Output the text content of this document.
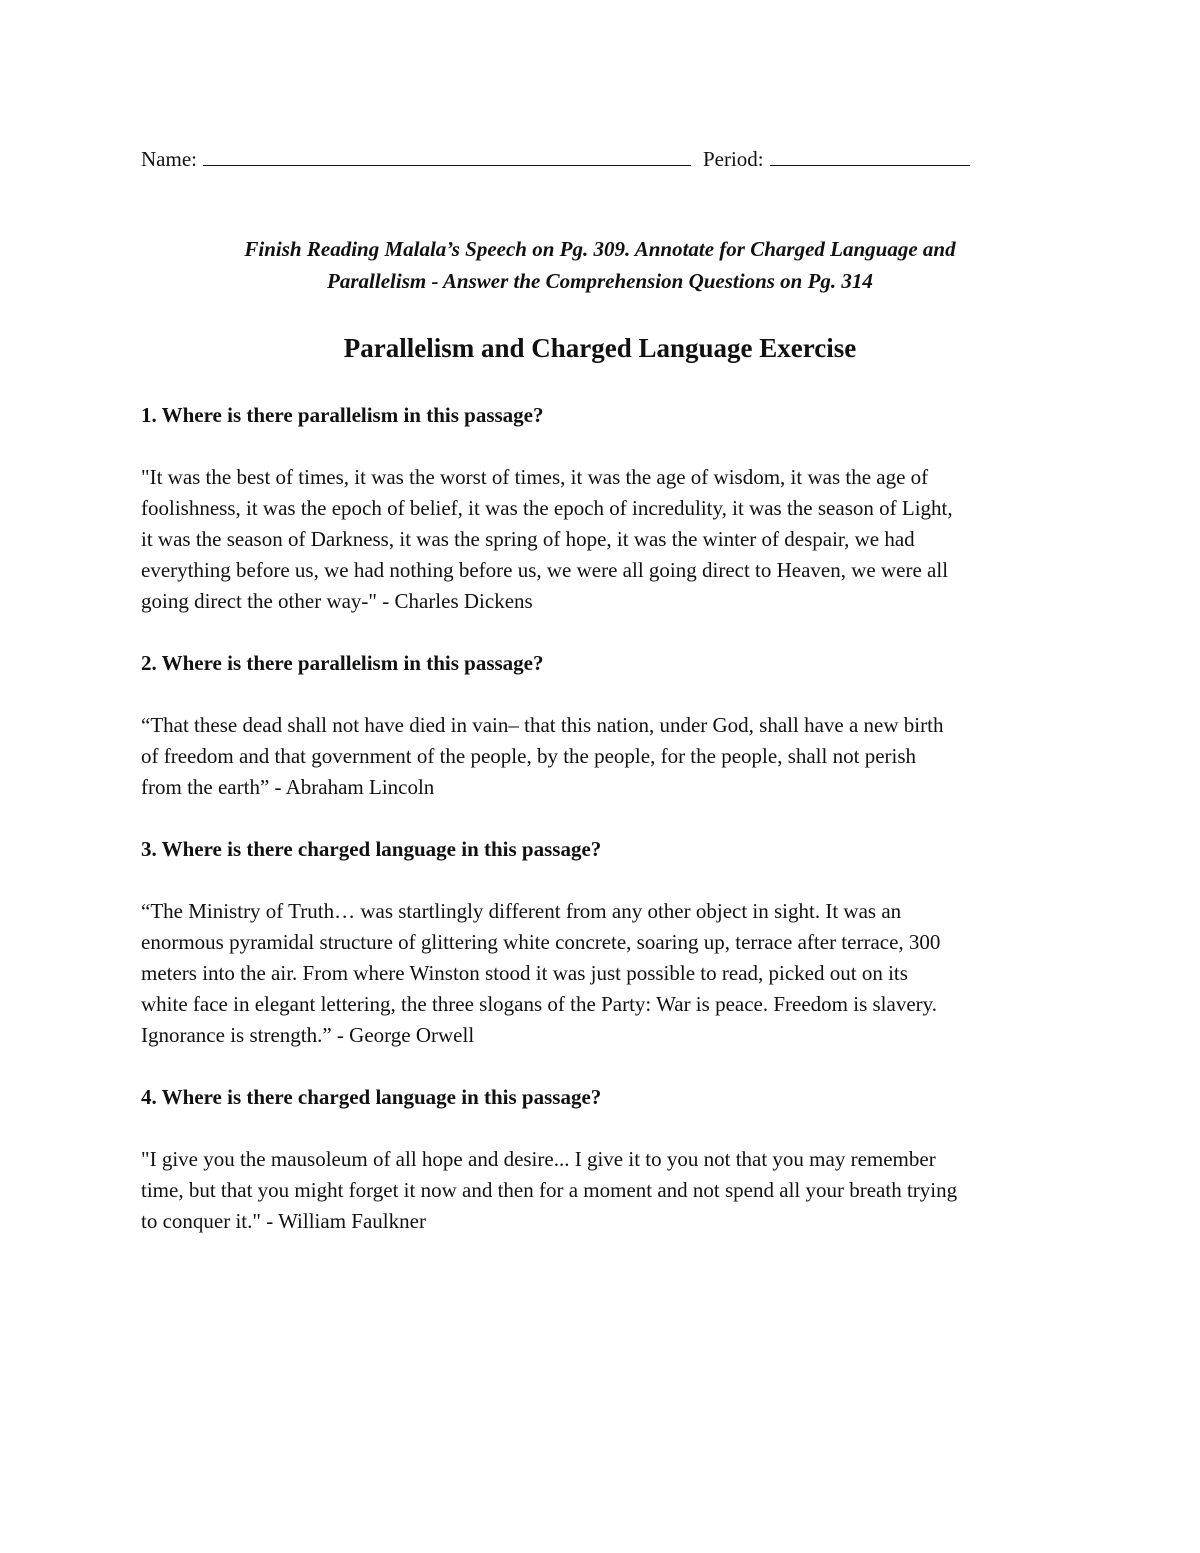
Name:	Period:
Finish Reading Malala’s Speech on Pg. 309. Annotate for Charged Language and
Parallelism - Answer the Comprehension Questions on Pg. 314
Parallelism and Charged Language Exercise
1. Where is there parallelism in this passage?
"It was the best of times, it was the worst of times, it was the age of wisdom, it was the age of
foolishness, it was the epoch of belief, it was the epoch of incredulity, it was the season of Light,
it was the season of Darkness, it was the spring of hope, it was the winter of despair, we had
everything before us, we had nothing before us, we were all going direct to Heaven, we were all
going direct the other way-" - Charles Dickens
2. Where is there parallelism in this passage?
“That these dead shall not have died in vain– that this nation, under God, shall have a new birth
of freedom and that government of the people, by the people, for the people, shall not perish
from the earth” - Abraham Lincoln
3. Where is there charged language in this passage?
“The Ministry of Truth… was startlingly different from any other object in sight. It was an
enormous pyramidal structure of glittering white concrete, soaring up, terrace after terrace, 300
meters into the air. From where Winston stood it was just possible to read, picked out on its
white face in elegant lettering, the three slogans of the Party: War is peace. Freedom is slavery.
Ignorance is strength.” - George Orwell
4. Where is there charged language in this passage?
"I give you the mausoleum of all hope and desire... I give it to you not that you may remember
time, but that you might forget it now and then for a moment and not spend all your breath trying
to conquer it." - William Faulkner
